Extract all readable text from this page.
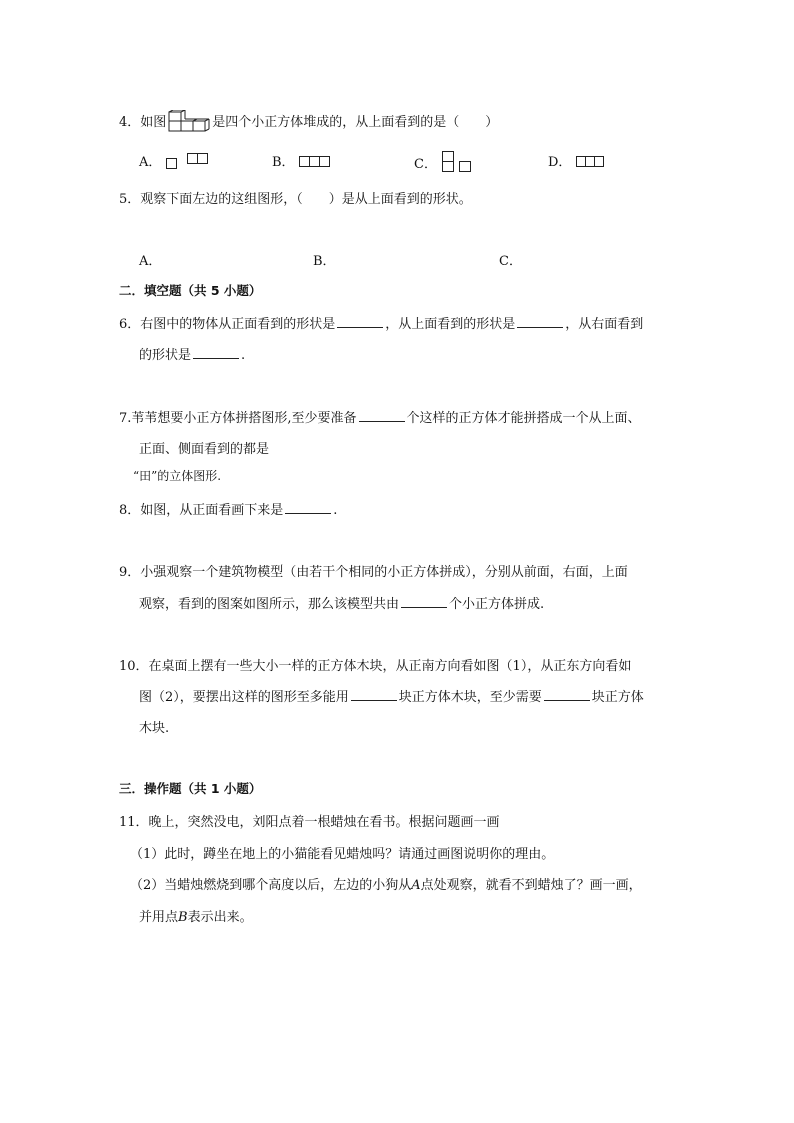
4．如图	是四个小正方体堆成的，从上面看到的是（　　）
A．	B．	C．	D．
5．观察下面左边的这组图形，（　　）是从上面看到的形状。
A．	B．	C．
二．填空题（共 5 小题）
6．右图中的物体从正面看到的形状是	，从上面看到的形状是	，从右面看到
的形状是	.
7.苇苇想要小正方体拼搭图形,至少要准备	个这样的正方体才能拼搭成一个从上面、
正面、侧面看到的都是
“田”的立体图形.
8．如图，从正面看画下来是	.
9．小强观察一个建筑物模型（由若干个相同的小正方体拼成），分别从前面，右面，上面
观察，看到的图案如图所示，那么该模型共由	个小正方体拼成.
10．在桌面上摆有一些大小一样的正方体木块，从正南方向看如图（1），从正东方向看如
图（2），要摆出这样的图形至多能用	块正方体木块，至少需要	块正方体
木块.
三．操作题（共 1 小题）
11．晚上，突然没电，刘阳点着一根蜡烛在看书。根据问题画一画
（1）此时，蹲坐在地上的小猫能看见蜡烛吗？请通过画图说明你的理由。
（2）当蜡烛燃烧到哪个高度以后，左边的小狗从A点处观察，就看不到蜡烛了？画一画，
并用点B表示出来。
